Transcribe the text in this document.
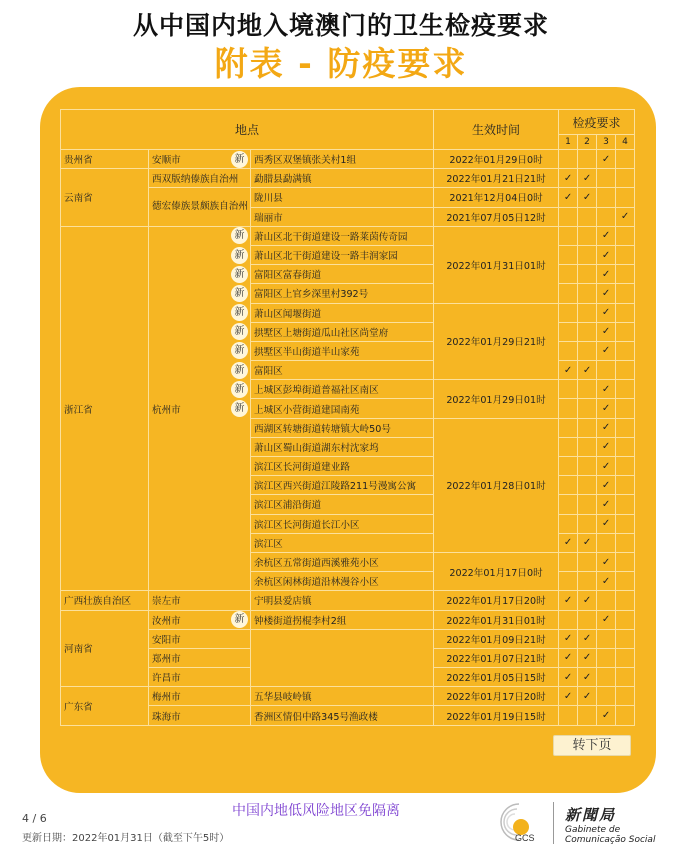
从中国内地入境澳门的卫生检疫要求
附表 - 防疫要求
地点			生效时间	检疫要求			
				1	2	3	4
贵州省	安顺市	西秀区双堡镇张关村1组	2022年01月29日0时			✓	
云南省	西双版纳傣族自治州	勐腊县勐满镇	2022年01月21日21时	✓	✓		
	德宏傣族景颇族自治州	陇川县	2021年12月04日0时	✓	✓		
		瑞丽市	2021年07月05日12时				✓
浙江省	杭州市	萧山区北干街道建设一路莱茵传奇园	2022年01月31日01时			✓	
		萧山区北干街道建设一路丰润家园				✓	
		富阳区富春街道				✓	
		富阳区上官乡深里村392号				✓	
		萧山区闻堰街道	2022年01月29日21时			✓	
		拱墅区上塘街道瓜山社区尚堂府				✓	
		拱墅区半山街道半山家苑				✓	
		富阳区		✓	✓		
		上城区彭埠街道普福社区南区	2022年01月29日01时			✓	
		上城区小营街道建国南苑				✓	
		西湖区转塘街道转塘镇大岭50号	2022年01月28日01时			✓	
		萧山区蜀山街道湖东村沈家坞				✓	
		滨江区长河街道建业路				✓	
		滨江区西兴街道江陵路211号漫寓公寓				✓	
		滨江区浦沿街道				✓	
		滨江区长河街道长江小区				✓	
		滨江区		✓	✓		
		余杭区五常街道西溪雅苑小区	2022年01月17日0时			✓	
		余杭区闲林街道沿林漫谷小区				✓	
广西壮族自治区	崇左市	宁明县爱店镇	2022年01月17日20时	✓	✓		
河南省	汝州市	钟楼街道拐棍李村2组	2022年01月31日01时			✓	
	安阳市		2022年01月09日21时	✓	✓		
	郑州市		2022年01月07日21时	✓	✓		
	许昌市		2022年01月05日15时	✓	✓		
广东省	梅州市	五华县岐岭镇	2022年01月17日20时	✓	✓		
	珠海市	香洲区情侣中路345号渔政楼	2022年01月19日15时			✓	
转下页
4 / 6	中国内地低风险地区免隔离
更新日期：2022年01月31日（截至下午5时）	GCS
新聞局
Gabinete de
Comunicação Social
新
新
新
新
新
新
新
新
新
新
新
新
